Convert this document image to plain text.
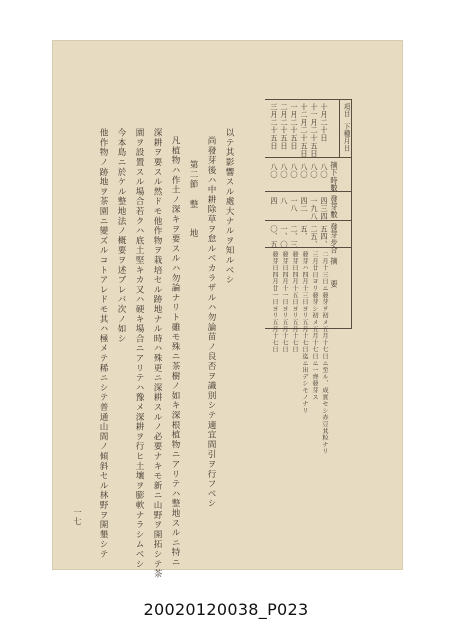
項目
下種月日
摘下時數
發芽數
發芽步合
摘　　要
十月二十日
八〇
四三四
五四、
二月十三日ニ發芽ヲ初メ五月十七日ニ至ル、成實セシ赤豆其粒ナリ
十一月二十五日
八〇
一九八
二五、
三月廿日ヨリ發芽シ初メ五月十七日ニ一齊發芽ス
十二月二十五日
八〇
四二
五、
發芽ハ四月十三日ヨリ五月十七日迄ニ出デシモノナリ
一月二十五日
八〇
一八
二、三
發芽日四月十五日ヨリ五月十七日
二月二十五日
八〇
八
一、〇
發芽日四月十一日ヨリ五月十七日
三月二十五日
八〇
四
〇、五
發芽日四月廿一日ヨリ五月十七日
以テ其影響スル處大ナルヲ知ルベシ
尚發芽後ハ中耕除草ヲ怠ルベカラザルハ勿論苗ノ良否ヲ識別シテ適宜間引ヲ行フベシ
第二節　整　　地
凡植物ハ作土ノ深キヲ要スルハ勿論ナリト雖モ殊ニ茶樹ノ如キ深根植物ニアリテハ整地スルニ特ニ
深耕ヲ要スル然ドモ他作物ヲ栽培セル跡地ナル時ハ殊更ニ深耕スルノ必要ナキモ新ニ山野ヲ開拓シテ茶
園ヲ設置スル場合若クハ底土堅キカ又ハ硬キ場合ニアリテハ豫メ深耕ヲ行ヒ土壤ヲ膨軟ナラシムベシ
今本島ニ於ケル整地法ノ概要ヲ述ブレバ次ノ如シ
他作物ノ跡地ヲ茶園ニ變ズルコトアレドモ其ハ極メテ稀ニシテ普通山間ノ傾斜セル林野ヲ開墾シテ
一七
20020120038_P023
